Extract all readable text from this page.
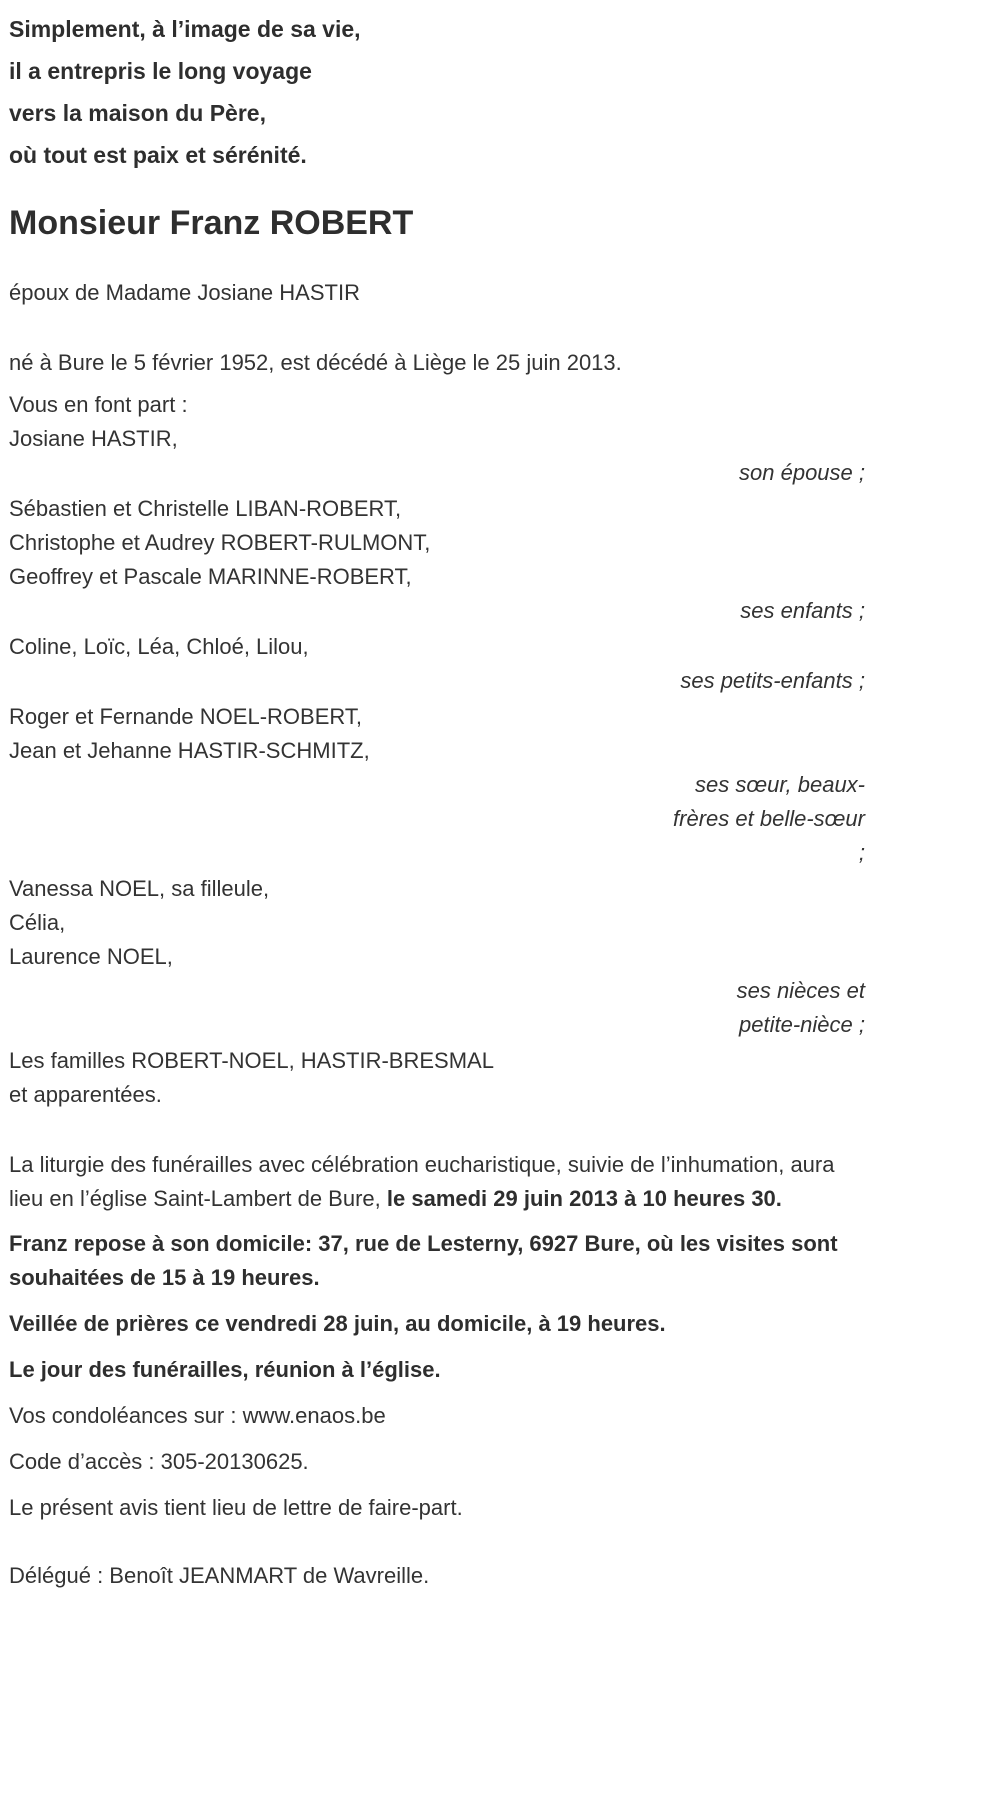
Simplement, à l’image de sa vie,
il a entrepris le long voyage
vers la maison du Père,
où tout est paix et sérénité.
Monsieur Franz ROBERT

époux de Madame Josiane HASTIR

né à Bure le 5 février 1952, est décédé à Liège le 25 juin 2013.

Vous en font part :

Josiane HASTIR,
son épouse ;
Sébastien et Christelle LIBAN-ROBERT,
Christophe et Audrey ROBERT-RULMONT,
Geoffrey et Pascale MARINNE-ROBERT,
ses enfants ;
Coline, Loïc, Léa, Chloé, Lilou,
ses petits-enfants ;
Roger et Fernande NOEL-ROBERT,
Jean et Jehanne HASTIR-SCHMITZ,
ses sœur, beaux-
frères et belle-sœur
;
Vanessa NOEL, sa filleule,
Célia,
Laurence NOEL,
ses nièces et
petite-nièce ;
Les familles ROBERT-NOEL, HASTIR-BRESMAL
et apparentées.

La liturgie des funérailles avec célébration eucharistique, suivie de l’inhumation, aura lieu en l’église Saint-Lambert de Bure, le samedi 29 juin 2013 à 10 heures 30.

Franz repose à son domicile: 37, rue de Lesterny, 6927 Bure, où les visites sont souhaitées de 15 à 19 heures.

Veillée de prières ce vendredi 28 juin, au domicile, à 19 heures.

Le jour des funérailles, réunion à l’église.

Vos condoléances sur : www.enaos.be

Code d’accès : 305-20130625.

Le présent avis tient lieu de lettre de faire-part.

Délégué : Benoît JEANMART de Wavreille.
